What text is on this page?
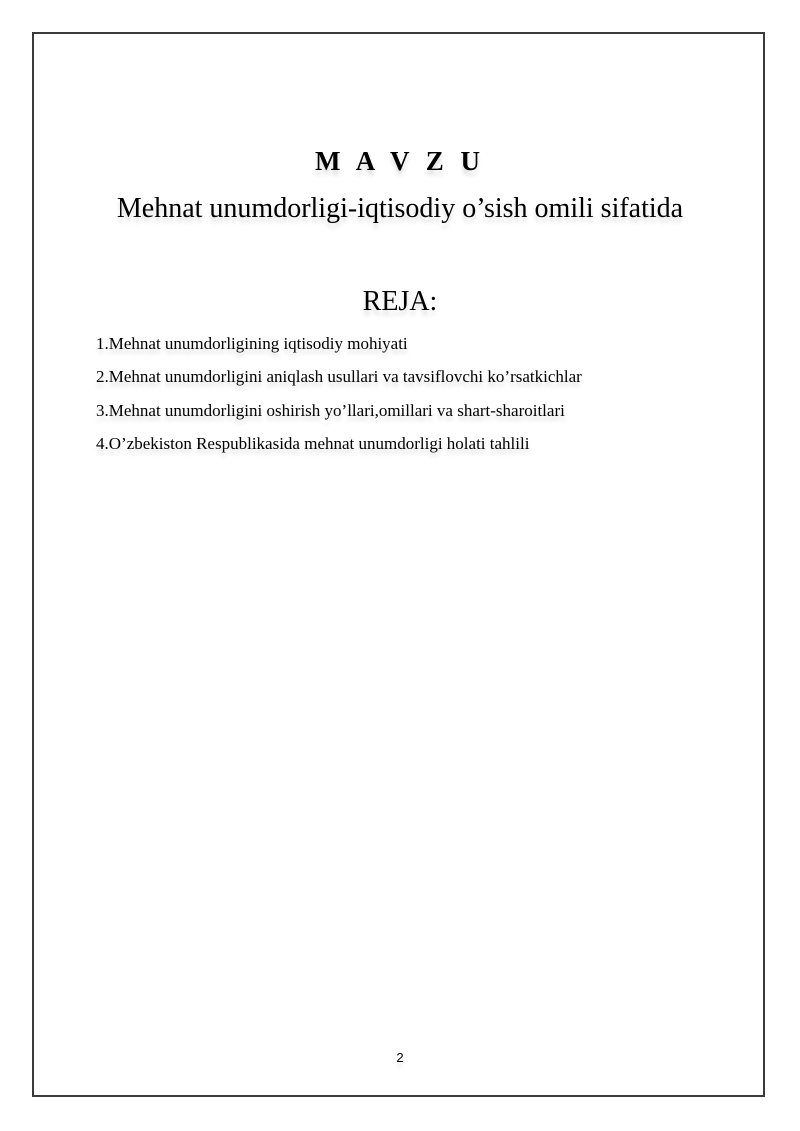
M A V Z U
Mehnat unumdorligi-iqtisodiy o’sish omili sifatida
REJA:
1.Mehnat unumdorligining iqtisodiy mohiyati
2.Mehnat unumdorligini aniqlash usullari va tavsiflovchi ko’rsatkichlar
3.Mehnat unumdorligini oshirish yo’llari,omillari va shart-sharoitlari
4.O’zbekiston Respublikasida mehnat unumdorligi holati tahlili
2
